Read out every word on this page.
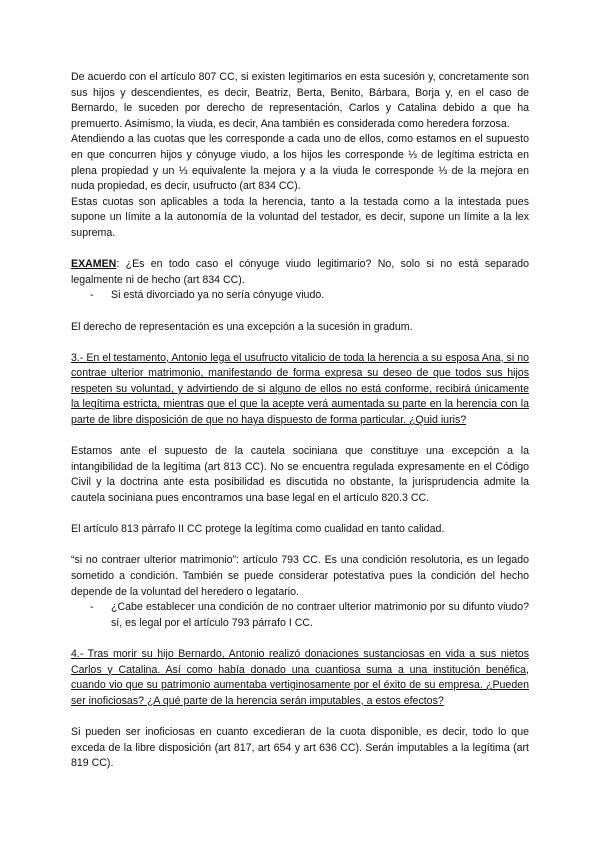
De acuerdo con el artículo 807 CC, si existen legitimarios en esta sucesión y, concretamente son sus hijos y descendientes, es decir, Beatriz, Berta, Benito, Bárbara, Borja y, en el caso de Bernardo, le suceden por derecho de representación, Carlos y Catalina debido a que ha premuerto. Asimismo, la viuda, es decir, Ana también es considerada como heredera forzosa.

Atendiendo a las cuotas que les corresponde a cada uno de ellos, como estamos en el supuesto en que concurren hijos y cónyuge viudo, a los hijos les corresponde ⅓ de legítima estricta en plena propiedad y un ⅓ equivalente la mejora y a la viuda le corresponde ⅓ de la mejora en nuda propiedad, es decir, usufructo (art 834 CC).

Estas cuotas son aplicables a toda la herencia, tanto a la testada como a la intestada pues supone un límite a la autonomía de la voluntad del testador, es decir, supone un límite a la lex suprema.

EXAMEN: ¿Es en todo caso el cónyuge viudo legitimario? No, solo si no está separado legalmente ni de hecho (art 834 CC).

- Si está divorciado ya no sería cónyuge viudo.

El derecho de representación es una excepción a la sucesión in gradum.

3.- En el testamento, Antonio lega el usufructo vitalicio de toda la herencia a su esposa Ana, si no contrae ulterior matrimonio, manifestando de forma expresa su deseo de que todos sus hijos respeten su voluntad, y advirtiendo de si alguno de ellos no está conforme, recibirá únicamente la legítima estricta, mientras que el que la acepte verá aumentada su parte en la herencia con la parte de libre disposición de que no haya dispuesto de forma particular. ¿Quid iuris?

Estamos ante el supuesto de la cautela sociniana que constituye una excepción a la intangibilidad de la legítima (art 813 CC). No se encuentra regulada expresamente en el Código Civil y la doctrina ante esta posibilidad es discutida no obstante, la jurisprudencia admite la cautela sociniana pues encontramos una base legal en el artículo 820.3 CC.

El artículo 813 párrafo II CC protege la legítima como cualidad en tanto calidad.

“si no contraer ulterior matrimonio”: artículo 793 CC. Es una condición resolutoria, es un legado sometido a condición. También se puede considerar potestativa pues la condición del hecho depende de la voluntad del heredero o legatario.

- ¿Cabe establecer una condición de no contraer ulterior matrimonio por su difunto viudo? sí, es legal por el artículo 793 párrafo I CC.

4.- Tras morir su hijo Bernardo, Antonio realizó donaciones sustanciosas en vida a sus nietos Carlos y Catalina. Así como había donado una cuantiosa suma a una institución benéfica, cuando vio que su patrimonio aumentaba vertiginosamente por el éxito de su empresa. ¿Pueden ser inoficiosas? ¿A qué parte de la herencia serán imputables, a estos efectos?

Si pueden ser inoficiosas en cuanto excedieran de la cuota disponible, es decir, todo lo que exceda de la libre disposición (art 817, art 654 y art 636 CC). Serán imputables a la legítima (art 819 CC).
